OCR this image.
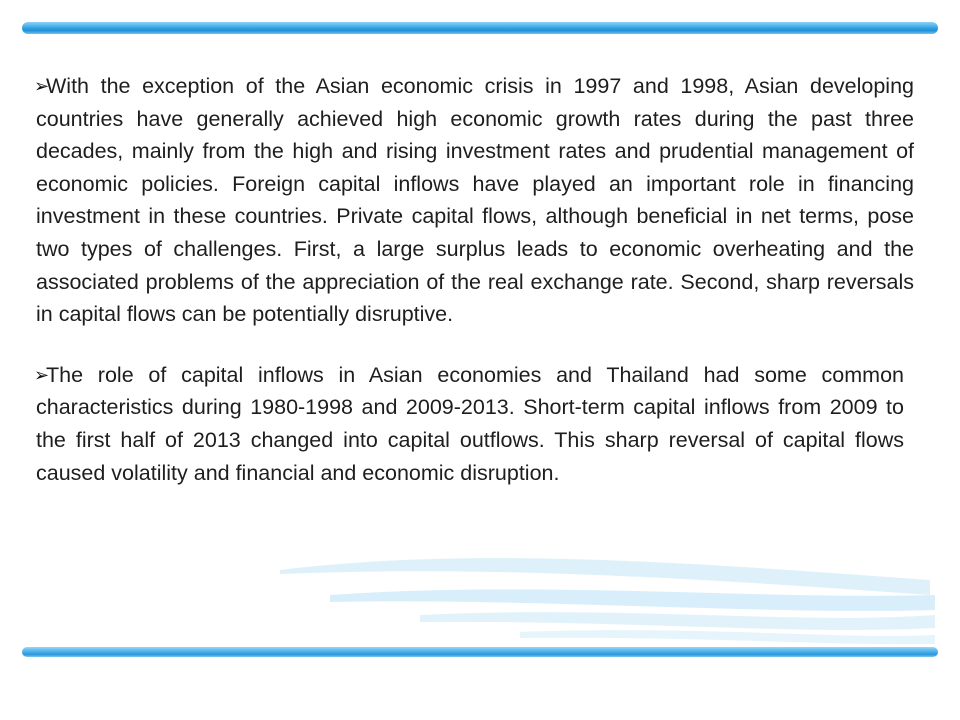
➢With the exception of the Asian economic crisis in 1997 and 1998, Asian developing countries have generally achieved high economic growth rates during the past three decades, mainly from the high and rising investment rates and prudential management of economic policies. Foreign capital inflows have played an important role in financing investment in these countries. Private capital flows, although beneficial in net terms, pose two types of challenges. First, a large surplus leads to economic overheating and the associated problems of the appreciation of the real exchange rate. Second, sharp reversals in capital flows can be potentially disruptive.

➢The role of capital inflows in Asian economies and Thailand had some common characteristics during 1980-1998 and 2009-2013. Short-term capital inflows from 2009 to the first half of 2013 changed into capital outflows. This sharp reversal of capital flows caused volatility and financial and economic disruption.
